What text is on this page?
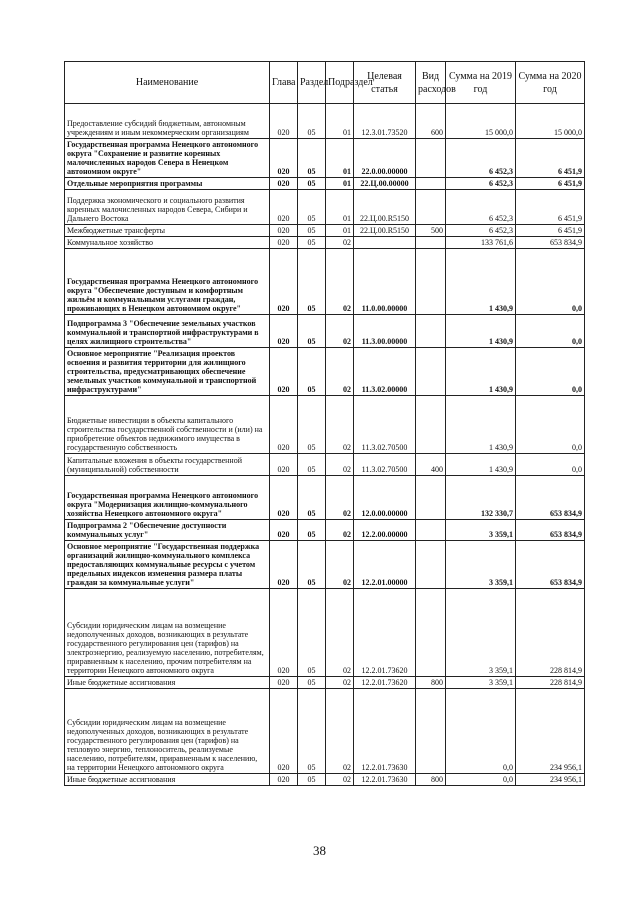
Наименование	Глава	Раздел	Подраздел	Целевая статья	Вид расходов	Сумма на 2019 год	Сумма на 2020 год
Предоставление субсидий бюджетным, автономным учреждениям и иным некоммерческим организациям	020	05	01	12.3.01.73520	600	15 000,0	15 000,0
Государственная программа Ненецкого автономного округа "Сохранение и развитие коренных малочисленных народов Севера в Ненецком автономном округе"	020	05	01	22.0.00.00000		6 452,3	6 451,9
Отдельные мероприятия программы	020	05	01	22.Ц.00.00000		6 452,3	6 451,9
Поддержка экономического и социального развития коренных малочисленных народов Севера, Сибири и Дальнего Востока	020	05	01	22.Ц.00.R5150		6 452,3	6 451,9
Межбюджетные трансферты	020	05	01	22.Ц.00.R5150	500	6 452,3	6 451,9
Коммунальное хозяйство	020	05	02			133 761,6	653 834,9
Государственная программа Ненецкого автономного округа "Обеспечение доступным и комфортным жильём и коммунальными услугами граждан, проживающих в Ненецком автономном округе"	020	05	02	11.0.00.00000		1 430,9	0,0
Подпрограмма 3 "Обеспечение земельных участков коммунальной и транспортной инфраструктурами в целях жилищного строительства"	020	05	02	11.3.00.00000		1 430,9	0,0
Основное мероприятие "Реализация проектов освоения и развития территории для жилищного строительства, предусматривающих обеспечение земельных участков коммунальной и транспортной инфраструктурами"	020	05	02	11.3.02.00000		1 430,9	0,0
Бюджетные инвестиции в объекты капитального строительства государственной собственности и (или) на приобретение объектов недвижимого имущества в государственную собственность	020	05	02	11.3.02.70500		1 430,9	0,0
Капитальные вложения в объекты государственной (муниципальной) собственности	020	05	02	11.3.02.70500	400	1 430,9	0,0
Государственная программа Ненецкого автономного округа "Модернизация жилищно-коммунального хозяйства Ненецкого автономного округа"	020	05	02	12.0.00.00000		132 330,7	653 834,9
Подпрограмма 2 "Обеспечение доступности коммунальных услуг"	020	05	02	12.2.00.00000		3 359,1	653 834,9
Основное мероприятие "Государственная поддержка организаций жилищно-коммунального комплекса предоставляющих коммунальные ресурсы с учетом предельных индексов изменения размера платы граждан за коммунальные услуги"	020	05	02	12.2.01.00000		3 359,1	653 834,9
Субсидии юридическим лицам на возмещение недополученных доходов, возникающих в результате государственного регулирования цен (тарифов) на электроэнергию, реализуемую населению, потребителям, приравненным к населению, прочим потребителям на территории Ненецкого автономного округа	020	05	02	12.2.01.73620		3 359,1	228 814,9
Иные бюджетные ассигнования	020	05	02	12.2.01.73620	800	3 359,1	228 814,9
Субсидии юридическим лицам на возмещение недополученных доходов, возникающих в результате государственного регулирования цен (тарифов) на тепловую энергию, теплоноситель, реализуемые населению, потребителям, приравненным к населению, на территории Ненецкого автономного округа	020	05	02	12.2.01.73630		0,0	234 956,1
Иные бюджетные ассигнования	020	05	02	12.2.01.73630	800	0,0	234 956,1
38
